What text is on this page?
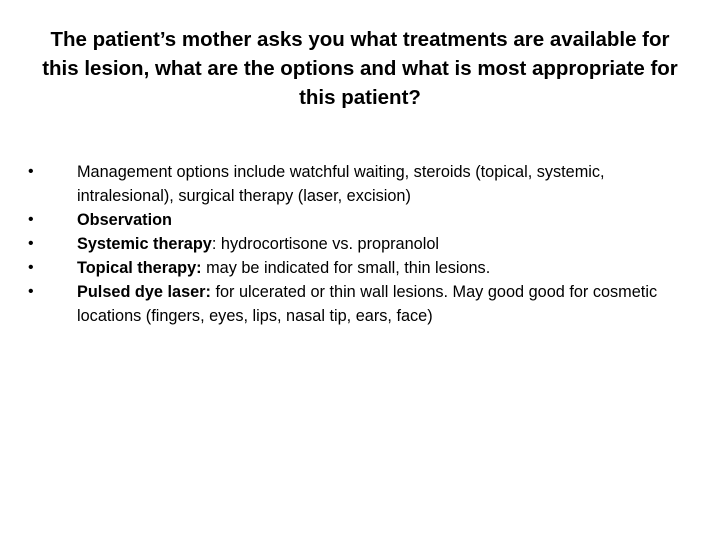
The patient’s mother asks you what treatments are available for this lesion, what are the options and what is most appropriate for this patient?
•	Management options include watchful waiting, steroids (topical, systemic, intralesional), surgical therapy (laser, excision)
•	Observation
•	Systemic therapy: hydrocortisone vs. propranolol
•	Topical therapy: may be indicated for small, thin lesions.
•	Pulsed dye laser: for ulcerated or thin wall lesions. May good good for cosmetic locations (fingers, eyes, lips, nasal tip, ears, face)
